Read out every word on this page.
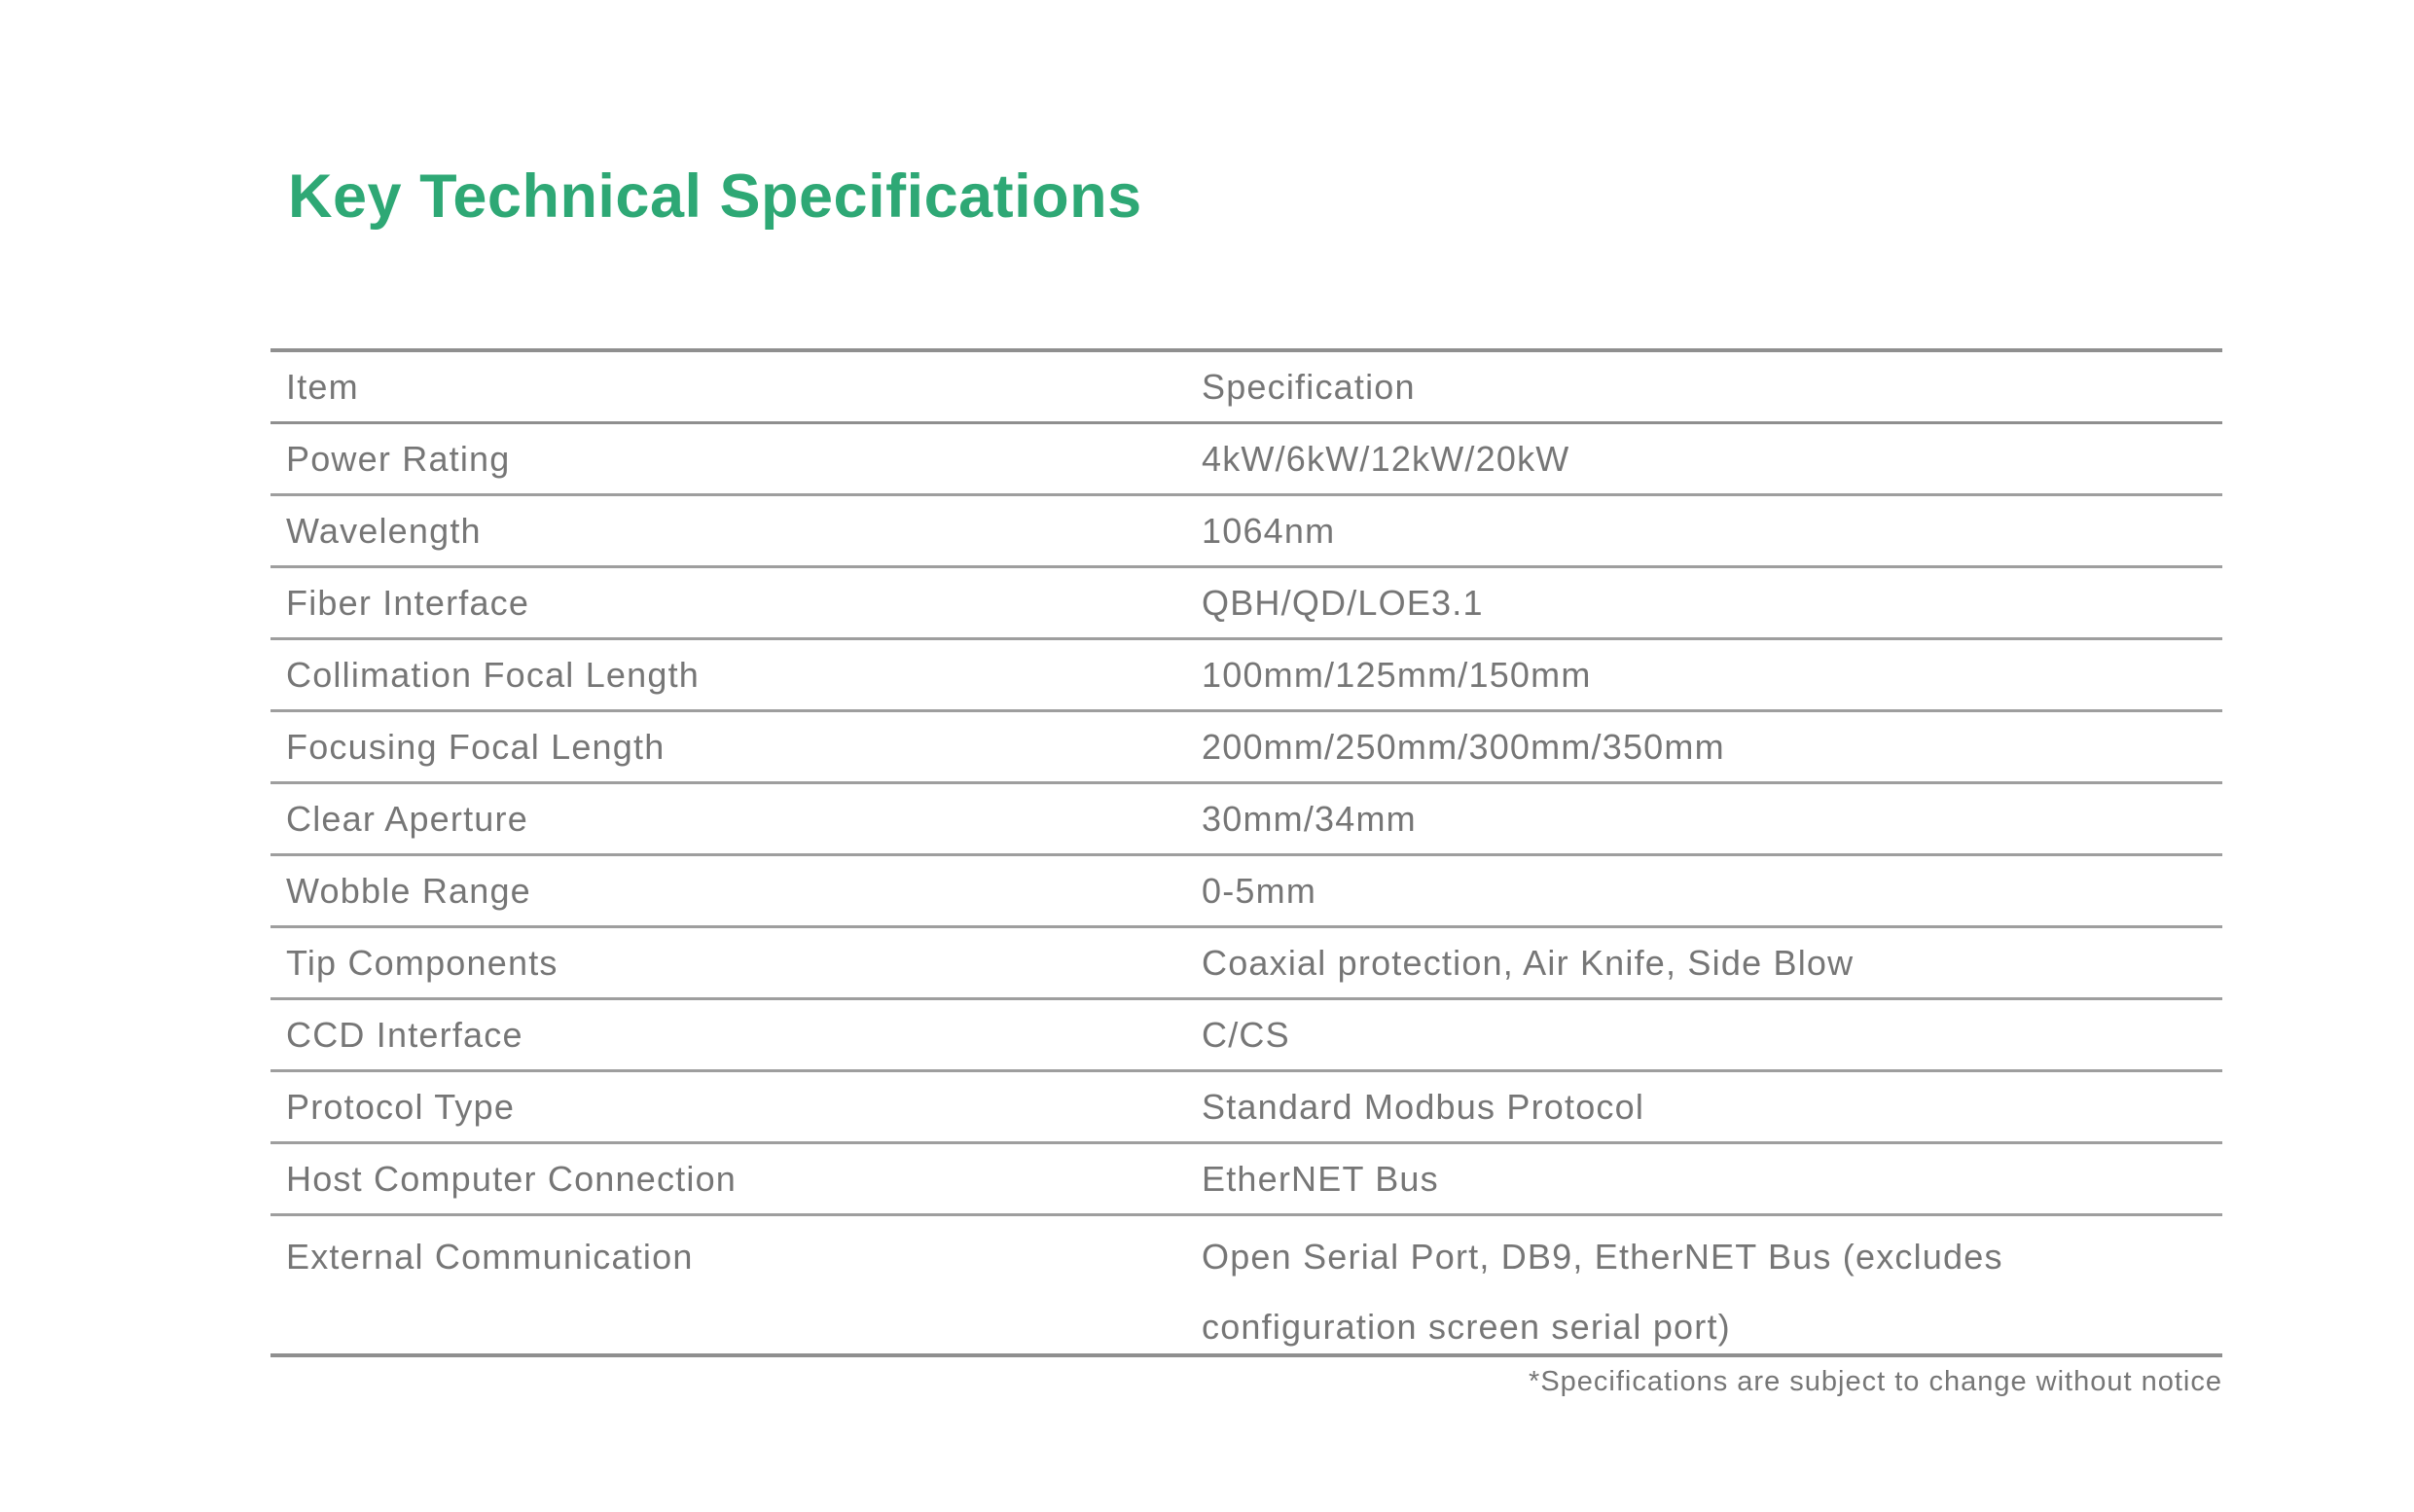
Key Technical Specifications
Item	Specification
Power Rating	4kW/6kW/12kW/20kW
Wavelength	1064nm
Fiber Interface	QBH/QD/LOE3.1
Collimation Focal Length	100mm/125mm/150mm
Focusing Focal Length	200mm/250mm/300mm/350mm
Clear Aperture	30mm/34mm
Wobble Range	0-5mm
Tip Components	Coaxial protection, Air Knife, Side Blow
CCD Interface	C/CS
Protocol Type	Standard Modbus Protocol
Host Computer Connection	EtherNET Bus
External Communication	Open Serial Port, DB9, EtherNET Bus (excludes configuration screen serial port)
*Specifications are subject to change without notice
